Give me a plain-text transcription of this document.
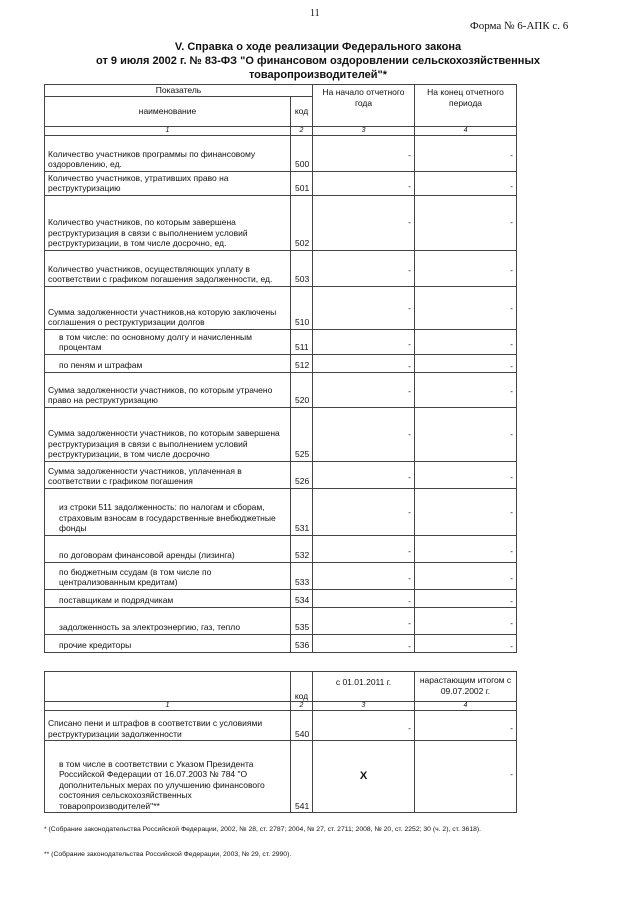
11
Форма № 6-АПК с. 6
V. Справка о ходе реализации Федерального закона
от 9 июля 2002 г. № 83-ФЗ "О финансовом оздоровлении сельскохозяйственных
товаропроизводителей"*
Показатель		На начало отчетного года	На конец отчетного периода
наименование	код		
1	2	3	4
Количество участников программы по финансовому оздоровлению, ед.	500	-	-

Количество участников, утративших право на реструктуризацию	501	-	-

Количество участников, по которым завершена реструктуризация в связи с выполнением условий реструктуризации, в том числе досрочно, ед.	502	-	-

Количество участников, осуществляющих уплату в соответствии с графиком погашения задолженности, ед.	503	-	-

Сумма задолженности участников,на которую заключены соглашения о реструктуризации долгов	510	-	-

в том числе: по основному долгу и начисленным процентам	511	-	-

по пеням и штрафам	512	-	-

Сумма задолженности участников, по которым утрачено право на реструктуризацию	520	-	-

Сумма задолженности участников, по которым завершена реструктуризация в связи с выполнением условий реструктуризации, в том числе досрочно	525	-	-

Сумма задолженности участников, уплаченная в соответствии с графиком погашения	526	-	-

из строки 511 задолженность: по налогам и сборам, страховым взносам в государственные внебюджетные фонды	531	-	-

по договорам финансовой аренды (лизинга)	532	-	-

по бюджетным ссудам (в том числе по централизованным кредитам)	533	-	-

поставщикам и подрядчикам	534	-	-

задолженность за электроэнергию, газ, тепло	535	-	-

прочие кредиторы	536	-	-
	код	с 01.01.2011 г.	нарастающим итогом с 09.07.2002 г.
1	2	3	4
Списано пени и штрафов в соответствии с условиями реструктуризации задолженности	540	-	-

в том числе в соответствии с Указом Президента Российской Федерации от 16.07.2003 № 784 "О дополнительных мерах по улучшению финансового состояния сельскохозяйственных товаропроизводителей"**	541	X	-
* (Собрание законодательства Российской Федерации, 2002, № 28, ст. 2787; 2004, № 27, ст. 2711; 2008, № 20, ст. 2252; 30 (ч. 2), ст. 3618).
** (Собрание законодательства Российской Федерации, 2003, № 29, ст. 2990).
